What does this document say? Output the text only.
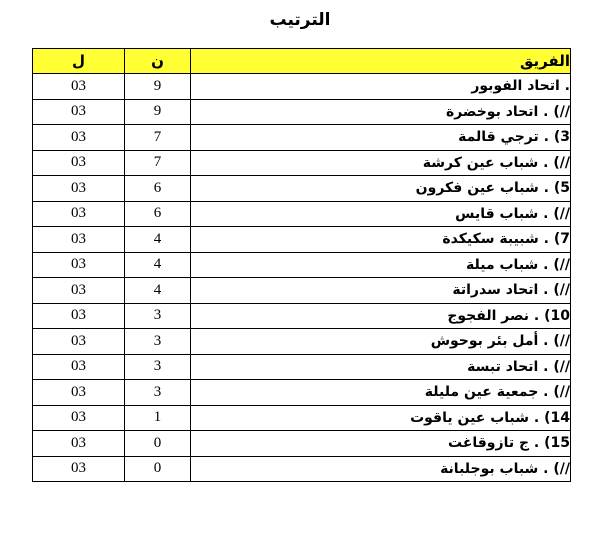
الترتيب
ل	ن	الفريق
03	9	. اتحاد الفوبور
03	9	//) . اتحاد بوخضرة
03	7	3) . ترجي قالمة
03	7	//) . شباب عين كرشة
03	6	5) . شباب عين فكرون
03	6	//) . شباب قايس
03	4	7) . شبيبة سكيكدة
03	4	//) . شباب ميلة
03	4	//) . اتحاد سدراتة
03	3	10) . نصر الفجوج
03	3	//) . أمل بئر بوحوش
03	3	//) . اتحاد تبسة
03	3	//) . جمعية عين مليلة
03	1	14) . شباب عين ياقوت
03	0	15) . ج تازوقاغت
03	0	//) . شباب بوجلبانة
